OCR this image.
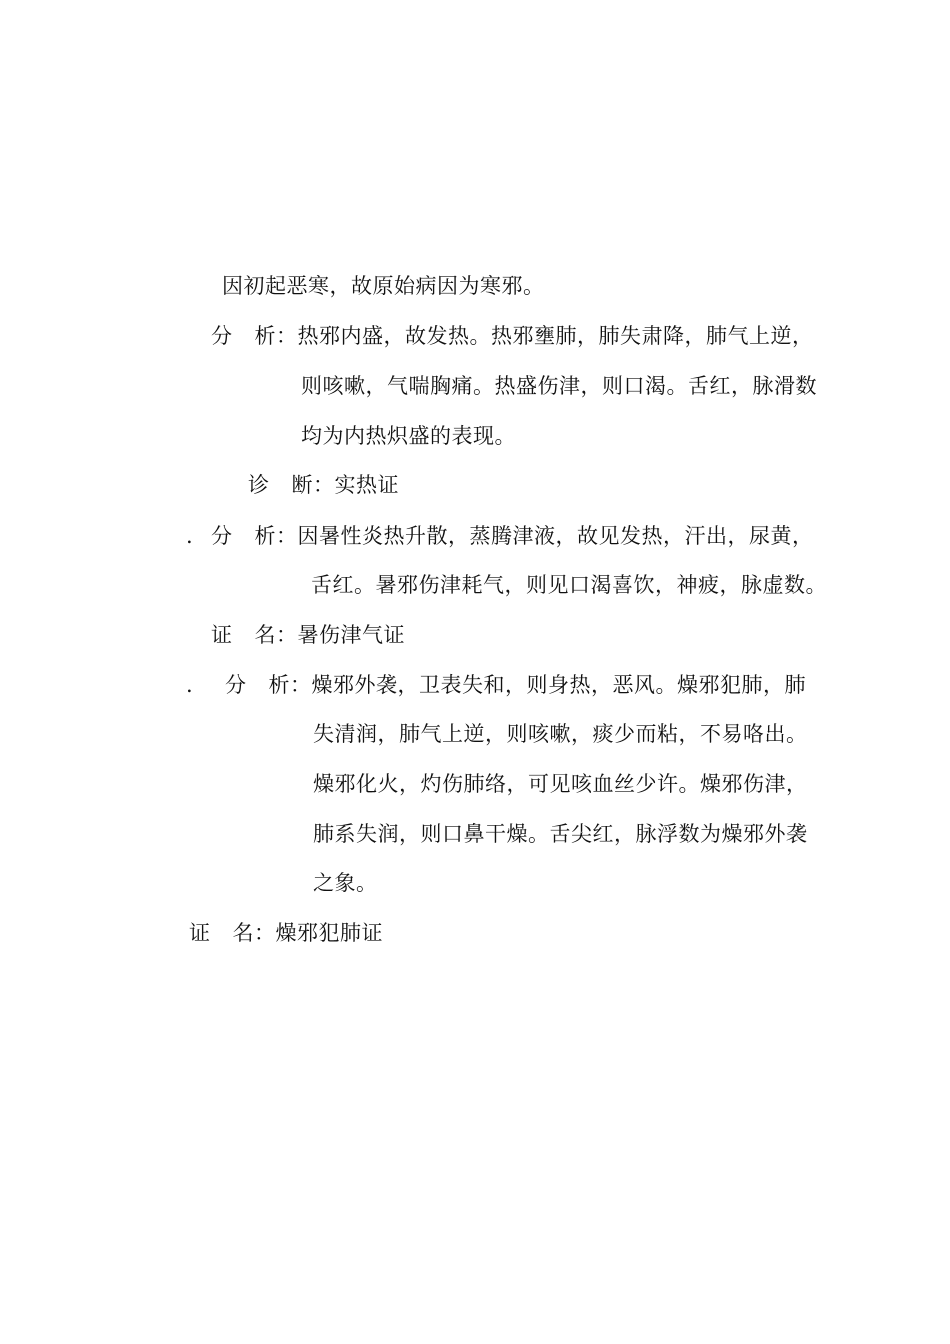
因初起恶寒，故原始病因为寒邪。
分 析：热邪内盛，故发热。热邪壅肺，肺失肃降，肺气上逆，
则咳嗽，气喘胸痛。热盛伤津，则口渴。舌红，脉滑数
均为内热炽盛的表现。
诊 断：实热证
. 分 析：因暑性炎热升散，蒸腾津液，故见发热，汗出，尿黄，
舌红。暑邪伤津耗气，则见口渴喜饮，神疲，脉虚数。
证 名：暑伤津气证
. 分 析：燥邪外袭，卫表失和，则身热，恶风。燥邪犯肺，肺
失清润，肺气上逆，则咳嗽，痰少而粘，不易咯出。
燥邪化火，灼伤肺络，可见咳血丝少许。燥邪伤津，
肺系失润，则口鼻干燥。舌尖红，脉浮数为燥邪外袭
之象。
证 名：燥邪犯肺证
